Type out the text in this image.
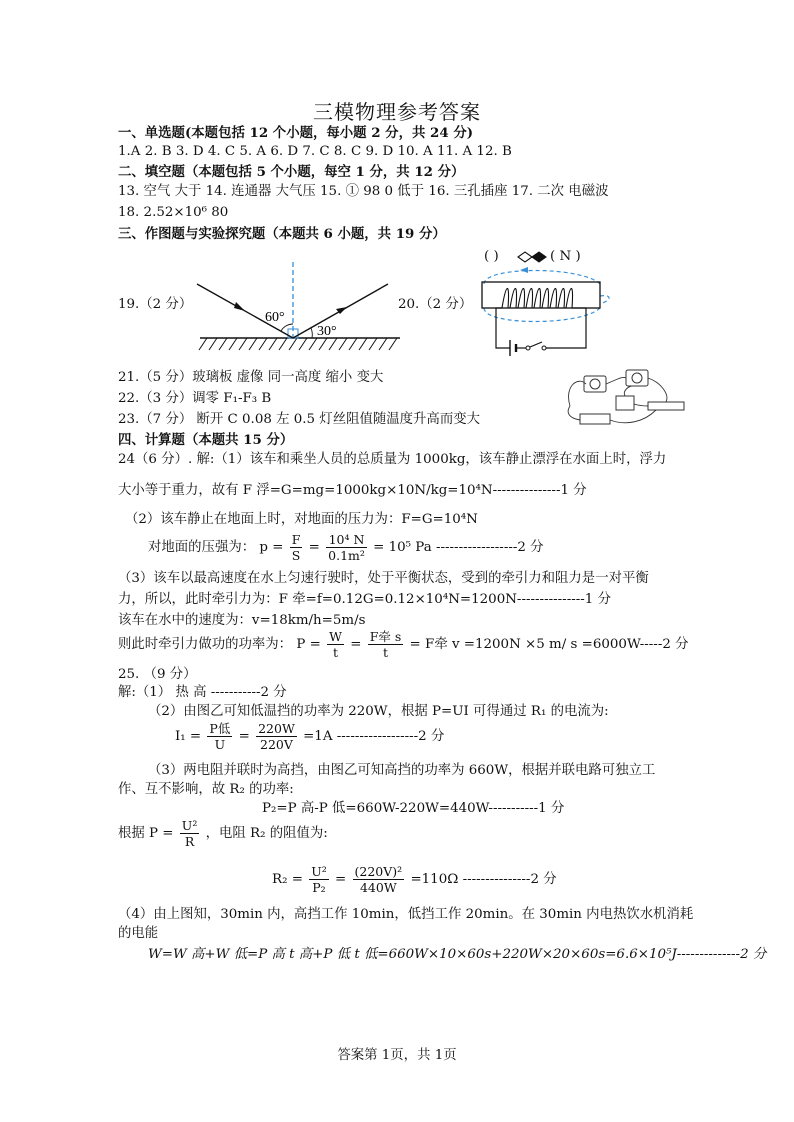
三模物理参考答案
一、单选题(本题包括 12 个小题，每小题 2 分，共 24 分)
1.A 2. B 3. D 4. C 5. A 6. D 7. C 8. C 9. D 10. A 11. A 12. B
二、填空题（本题包括 5 个小题，每空 1 分，共 12 分）
13. 空气 大于 14. 连通器 大气压 15. ① 98 0 低于 16. 三孔插座 17. 二次 电磁波
18. 2.52×10⁶ 80
三、作图题与实验探究题（本题共 6 小题，共 19 分）
19.（2 分）
60°
30°
20.（2 分）
( )	( N )
21.（5 分）玻璃板 虚像 同一高度 缩小 变大
22.（3 分）调零 F₁-F₃ B
23.（7 分） 断开 C 0.08 左 0.5 灯丝阻值随温度升高而变大
四、计算题（本题共 15 分）
24（6 分）. 解:（1）该车和乘坐人员的总质量为 1000kg，该车静止漂浮在水面上时，浮力
大小等于重力，故有 F 浮=G=mg=1000kg×10N/kg=10⁴N---------------1 分
（2）该车静止在地面上时，对地面的压力为：F=G=10⁴N
对地面的压强为： $p = \frac{F}{S} = \frac{\text{10⁴ N}}{\text{0.1m²}} = 10^5$ Pa ------------------2 分
（3）该车以最高速度在水上匀速行驶时，处于平衡状态，受到的牵引力和阻力是一对平衡
力，所以，此时牵引力为：F 牵=f=0.12G=0.12×10⁴N=1200N---------------1 分
该车在水中的速度为：v=18km/h=5m/s
则此时牵引力做功的功率为： $P = \frac{W}{t} = \frac{\text{F牵 s}}{t} = F$牵 v =1200N ×5 m/ s =6000W-----2 分
25. （9 分）
解:（1） 热 高 -----------2 分
（2）由图乙可知低温挡的功率为 220W，根据 P=UI 可得通过 R₁ 的电流为:
$I_1 = \frac{\text{P低}}{U} = \frac{220W}{220V} =1A$ ------------------2 分
（3）两电阻并联时为高挡，由图乙可知高挡的功率为 660W，根据并联电路可独立工
作、互不影响，故 R₂ 的功率:
P₂=P 高-P 低=660W-220W=440W-----------1 分
根据 $P = \frac{\text{U²}}{R}$ ，电阻 R₂ 的阻值为:
$R_2 = \frac{\text{U²}}{\text{P₂}} = \frac{\text{(220V)²}}{440W} =110\Omega$ ---------------2 分
（4）由上图知，30min 内，高挡工作 10min，低挡工作 20min。在 30min 内电热饮水机消耗
的电能
W=W 高+W 低=P 高 t 高+P 低 t 低=660W×10×60s+220W×20×60s=6.6×10⁵J--------------2 分
答案第 1页，共 1页
